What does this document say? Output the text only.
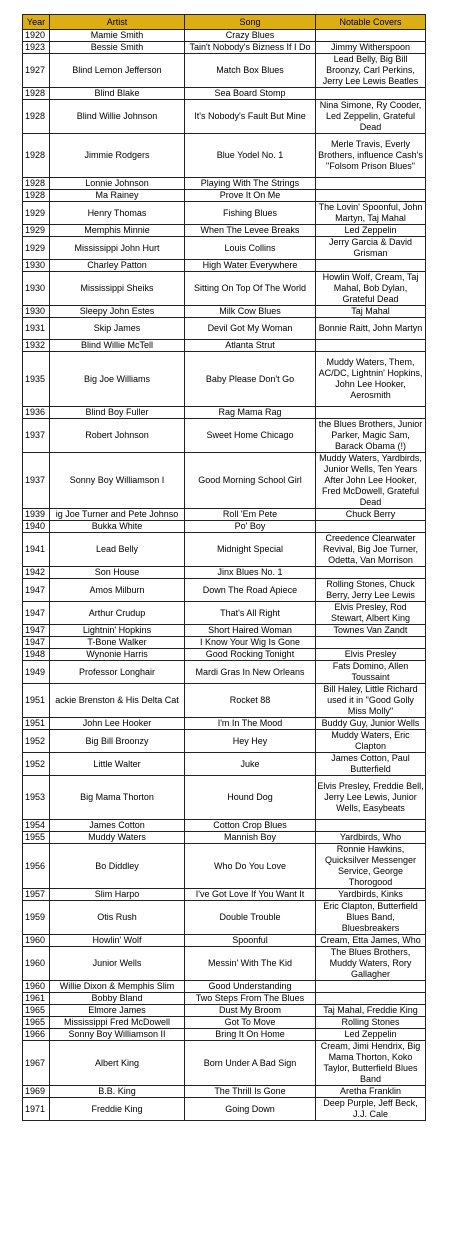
Year	Artist	Song	Notable Covers
1920	Mamie Smith	Crazy Blues	
1923	Bessie Smith	Tain't Nobody's Bizness If I Do	Jimmy Witherspoon
1927	Blind Lemon Jefferson	Match Box Blues	Lead Belly, Big Bill Broonzy, Carl Perkins, Jerry Lee Lewis Beatles
1928	Blind Blake	Sea Board Stomp	
1928	Blind Willie Johnson	It's Nobody's Fault But Mine	Nina Simone, Ry Cooder, Led Zeppelin, Grateful Dead
1928	Jimmie Rodgers	Blue Yodel No. 1	Merle Travis, Everly Brothers, influence Cash's "Folsom Prison Blues"
1928	Lonnie Johnson	Playing With The Strings	
1928	Ma Rainey	Prove It On Me	
1929	Henry Thomas	Fishing Blues	The Lovin' Spoonful, John Martyn, Taj Mahal
1929	Memphis Minnie	When The Levee Breaks	Led Zeppelin
1929	Mississippi John Hurt	Louis Collins	Jerry Garcia & David Grisman
1930	Charley Patton	High Water Everywhere	
1930	Mississippi Sheiks	Sitting On Top Of The World	Howlin Wolf, Cream, Taj Mahal, Bob Dylan, Grateful Dead
1930	Sleepy John Estes	Milk Cow Blues	Taj Mahal
1931	Skip James	Devil Got My Woman	Bonnie Raitt, John Martyn
1932	Blind Willie McTell	Atlanta Strut	
1935	Big Joe Williams	Baby Please Don't Go	Muddy Waters, Them, AC/DC, Lightnin' Hopkins, John Lee Hooker, Aerosmith
1936	Blind Boy Fuller	Rag Mama Rag	
1937	Robert Johnson	Sweet Home Chicago	the Blues Brothers, Junior Parker, Magic Sam, Barack Obama (!)
1937	Sonny Boy Williamson I	Good Morning School Girl	Muddy Waters, Yardbirds, Junior Wells, Ten Years After John Lee Hooker, Fred McDowell, Grateful Dead
1939	ig Joe Turner and Pete Johnso	Roll 'Em Pete	Chuck Berry
1940	Bukka White	Po' Boy	
1941	Lead Belly	Midnight Special	Creedence Clearwater Revival, Big Joe Turner, Odetta, Van Morrison
1942	Son House	Jinx Blues No. 1	
1947	Amos Milburn	Down The Road Apiece	Rolling Stones, Chuck Berry, Jerry Lee Lewis
1947	Arthur Crudup	That's All Right	Elvis Presley, Rod Stewart, Albert King
1947	Lightnin' Hopkins	Short Haired Woman	Townes Van Zandt
1947	T-Bone Walker	I Know Your Wig Is Gone	
1948	Wynonie Harris	Good Rocking Tonight	Elvis Presley
1949	Professor Longhair	Mardi Gras In New Orleans	Fats Domino, Allen Toussaint
1951	ackie Brenston & His Delta Cat	Rocket 88	Bill Haley, Little Richard used it in "Good Golly Miss Molly"
1951	John Lee Hooker	I'm In The Mood	Buddy Guy, Junior Wells
1952	Big Bill Broonzy	Hey Hey	Muddy Waters, Eric Clapton
1952	Little Walter	Juke	James Cotton, Paul Butterfield
1953	Big Mama Thorton	Hound Dog	Elvis Presley, Freddie Bell, Jerry Lee Lewis, Junior Wells, Easybeats
1954	James Cotton	Cotton Crop Blues	
1955	Muddy Waters	Mannish Boy	Yardbirds, Who
1956	Bo Diddley	Who Do You Love	Ronnie Hawkins, Quicksilver Messenger Service, George Thorogood
1957	Slim Harpo	I've Got Love If You Want It	Yardbirds, Kinks
1959	Otis Rush	Double Trouble	Eric Clapton, Butterfield Blues Band, Bluesbreakers
1960	Howlin' Wolf	Spoonful	Cream, Etta James, Who
1960	Junior Wells	Messin' With The Kid	The Blues Brothers, Muddy Waters, Rory Gallagher
1960	Willie Dixon & Memphis Slim	Good Understanding	
1961	Bobby Bland	Two Steps From The Blues	
1965	Elmore James	Dust My Broom	Taj Mahal, Freddie King
1965	Mississippi Fred McDowell	Got To Move	Rolling Stones
1966	Sonny Boy Williamson II	Bring It On Home	Led Zeppelin
1967	Albert King	Born Under A Bad Sign	Cream, Jimi Hendrix, Big Mama Thorton, Koko Taylor, Butterfield Blues Band
1969	B.B. King	The Thrill Is Gone	Aretha Franklin
1971	Freddie King	Going Down	Deep Purple, Jeff Beck, J.J. Cale
